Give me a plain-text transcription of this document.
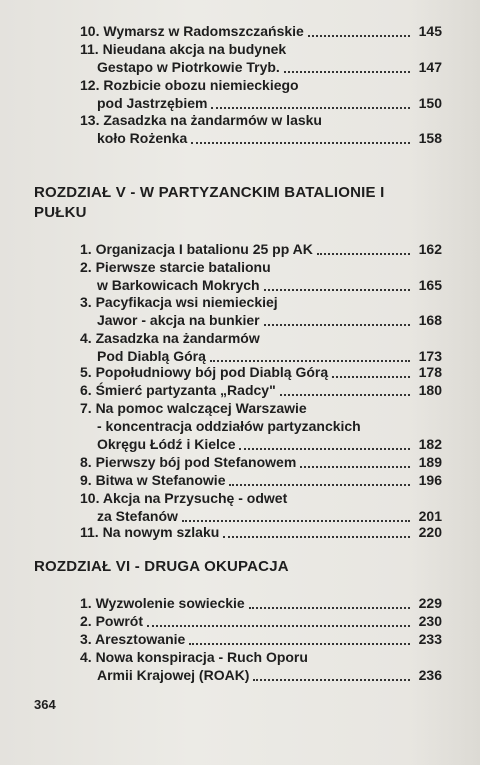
10. Wymarsz w Radomszczańskie	145
11. Nieudana akcja na budynek
Gestapo w Piotrkowie Tryb.	147
12. Rozbicie obozu niemieckiego
pod Jastrzębiem	150
13. Zasadzka na żandarmów w lasku
koło Rożenka	158
ROZDZIAŁ V - W PARTYZANCKIM BATALIONIE I
PUŁKU
1. Organizacja I batalionu 25 pp AK	162
2. Pierwsze starcie batalionu
w Barkowicach Mokrych	165
3. Pacyfikacja wsi niemieckiej
Jawor - akcja na bunkier	168
4. Zasadzka na żandarmów
Pod Diablą Górą	173
5. Popołudniowy bój pod Diablą Górą	178
6. Śmierć partyzanta „Radcy"	180
7. Na pomoc walczącej Warszawie
- koncentracja oddziałów partyzanckich
Okręgu Łódź i Kielce	182
8. Pierwszy bój pod Stefanowem	189
9. Bitwa w Stefanowie	196
10. Akcja na Przysuchę - odwet
za Stefanów	201
11. Na nowym szlaku	220
ROZDZIAŁ VI - DRUGA OKUPACJA
1. Wyzwolenie sowieckie	229
2. Powrót	230
3. Aresztowanie	233
4. Nowa konspiracja - Ruch Oporu
Armii Krajowej (ROAK)	236
364
